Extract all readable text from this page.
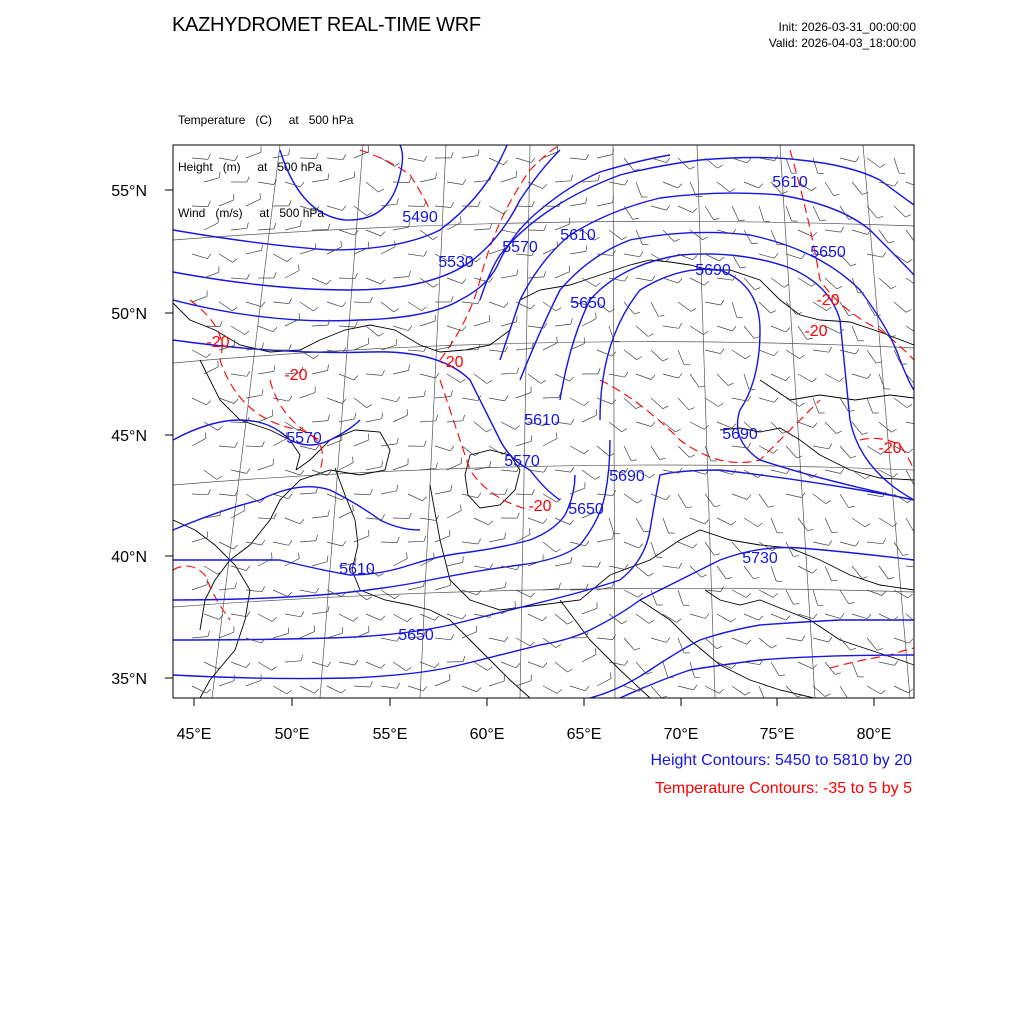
KAZHYDROMET REAL-TIME WRF	Init: 2026-03-31_00:00:00
Valid: 2026-04-03_18:00:00

Temperature   (C)     at   500 hPa

Height   (m)     at   500 hPa

Wind   (m/s)     at   500 hPa

45°E	50°E	55°E	60°E	65°E	70°E	75°E	80°E
55°N
50°N
45°N
40°N
35°N
5490
5530
5570
5610
5610
5610
5650
5650
5690
5610
5570
5570
5690
5650
5690
5730
5650
-20
-20
-20
-20
-20
-20
-20
Height Contours: 5450 to 5810 by 20
Temperature Contours: -35 to 5 by 5
